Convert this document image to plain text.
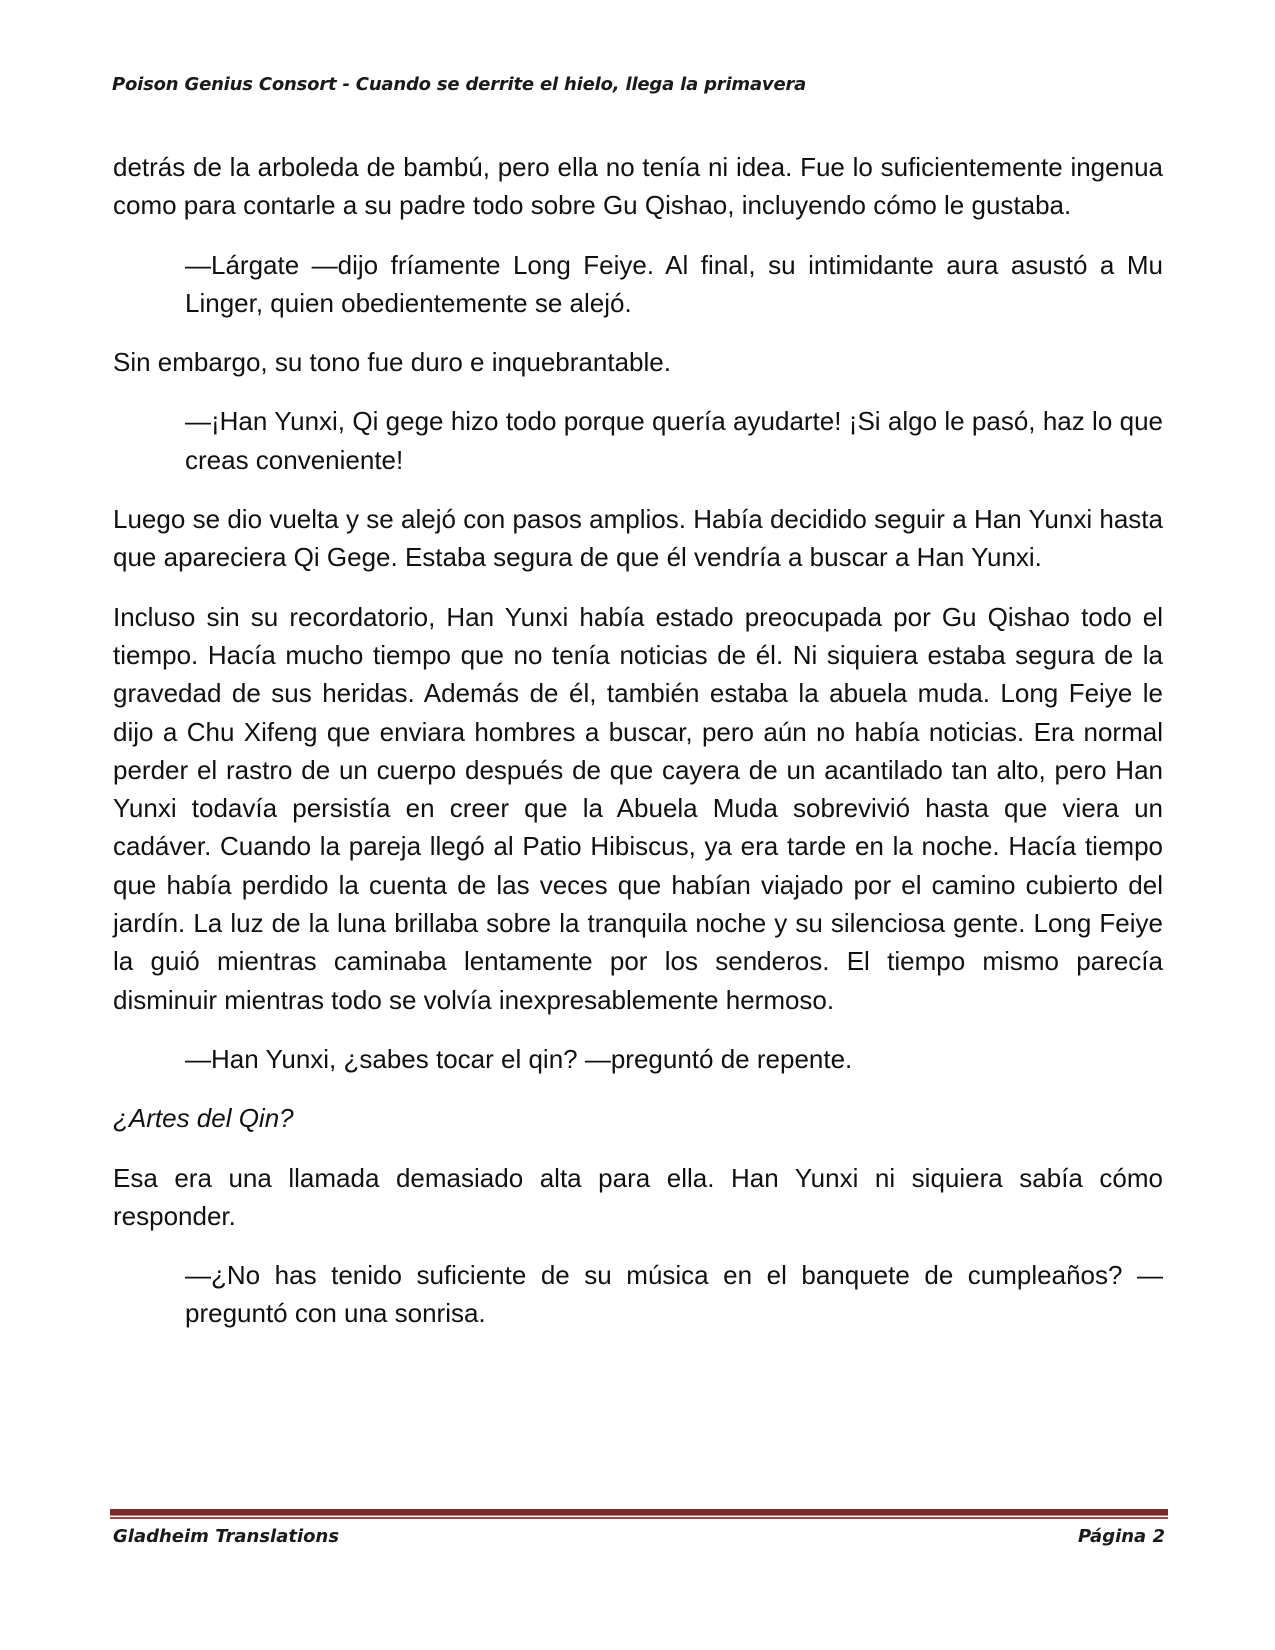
Poison Genius Consort - Cuando se derrite el hielo, llega la primavera

detrás de la arboleda de bambú, pero ella no tenía ni idea. Fue lo suficientemente ingenua como para contarle a su padre todo sobre Gu Qishao, incluyendo cómo le gustaba.

—Lárgate —dijo fríamente Long Feiye. Al final, su intimidante aura asustó a Mu Linger, quien obedientemente se alejó.

Sin embargo, su tono fue duro e inquebrantable.

—¡Han Yunxi, Qi gege hizo todo porque quería ayudarte! ¡Si algo le pasó, haz lo que creas conveniente!

Luego se dio vuelta y se alejó con pasos amplios. Había decidido seguir a Han Yunxi hasta que apareciera Qi Gege. Estaba segura de que él vendría a buscar a Han Yunxi.

Incluso sin su recordatorio, Han Yunxi había estado preocupada por Gu Qishao todo el tiempo. Hacía mucho tiempo que no tenía noticias de él. Ni siquiera estaba segura de la gravedad de sus heridas. Además de él, también estaba la abuela muda. Long Feiye le dijo a Chu Xifeng que enviara hombres a buscar, pero aún no había noticias. Era normal perder el rastro de un cuerpo después de que cayera de un acantilado tan alto, pero Han Yunxi todavía persistía en creer que la Abuela Muda sobrevivió hasta que viera un cadáver. Cuando la pareja llegó al Patio Hibiscus, ya era tarde en la noche. Hacía tiempo que había perdido la cuenta de las veces que habían viajado por el camino cubierto del jardín. La luz de la luna brillaba sobre la tranquila noche y su silenciosa gente. Long Feiye la guió mientras caminaba lentamente por los senderos. El tiempo mismo parecía disminuir mientras todo se volvía inexpresablemente hermoso.

—Han Yunxi, ¿sabes tocar el qin? —preguntó de repente.

¿Artes del Qin?

Esa era una llamada demasiado alta para ella. Han Yunxi ni siquiera sabía cómo responder.

—¿No has tenido suficiente de su música en el banquete de cumpleaños? —preguntó con una sonrisa.

Gladheim Translations	Página 2
